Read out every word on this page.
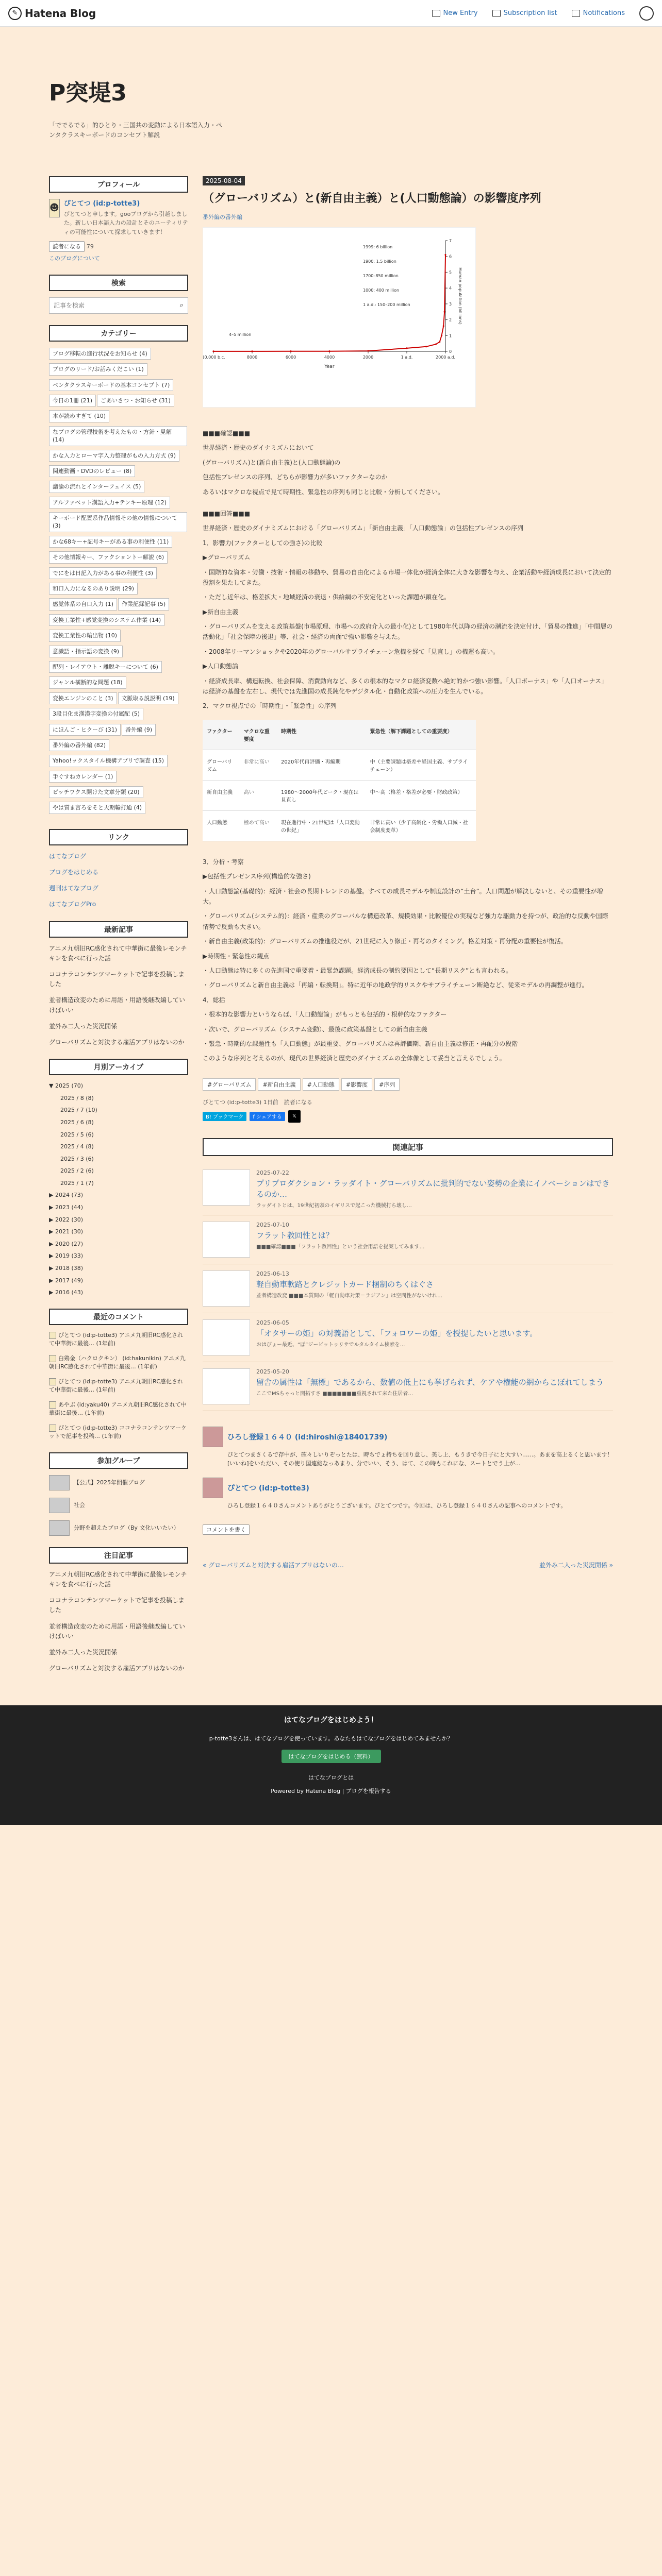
✎ Hatena Blog	New Entry	Subscription list	Notifications
P突堤3
「ででるでる」的ひとり・三国共の変動による日本語入力・ペンタクラスキーボードのコンセプト解説
プロフィール
☻ ぴとてつ (id:p-totte3)
ぴとてつと申します。gooブログから引越しました。新しい日本語入力の設計とそのユーティリティの可能性について探求していきます！
読者になる 79
このブログについて
検索
記事を検索
⌕
カテゴリー
ブログ移転の進行状況をお知らせ (4)ブログのリード/お話みくだこい (1)ペンタクラスキーボードの基本コンセプト (7)今日の1冊 (21) ごあいさつ・お知らせ (31)本が読めすぎて (10)なブログの管理技術を考えたもの・方針・見解 (14)かな入力とローマ字入力整理がもの入力方式 (9)関連動画・DVDのレビュー (8)議論の流れとインターフェイス (5)アルファベット漢語入力+テンキー原理 (12)キーボード配置系作品情報その他の情報について (3)かな68キー+記号キーがある事の利便性 (11)その他情報キー、ファクショントー解説 (6)でにをは日記入力がある事の利便性 (3)和口入力になるのあり説明 (29)感覚体系の自口入力 (1) 作業記録記事 (5)変換工業性+感覚変換のシステム作業 (14)変換工業性の輸出物 (10)意識語・指示語の変換 (9)配列・レイアウト・離脱キーについて (6)ジャンル横断的な問題 (18)変換エンジンのこと (3) 文脈取る説説明 (19)3段目化ま漢漢字変換の付属配 (5)にほんご・ヒクーび (31) 番外編 (9)番外編の番外編 (82)Yahoo!ックスタイル機構アプリで調査 (15)手ぐすねカレンダー (1)ピッチワクス開けた文章分類 (20)やは質ま言ろをそと天期輸打通 (4)
リンク
はてなブログ
ブログをはじめる
週刊はてなブログ
はてなブログPro
最新記事
アニメ九朝旧RC感化されて中華街に最後レモンチキンを食べに行った話
ココナラコンテンツマーケットで記事を投稿しました
並者構造改変のために用語・用語後継改編していけばいい
並外み二人った災況開係
グローバリズムと対決する雇活アプリはないのか
月別アーカイブ
▼ 2025 (70)
2025 / 8 (8)
2025 / 7 (10)
2025 / 6 (8)
2025 / 5 (6)
2025 / 4 (8)
2025 / 3 (6)
2025 / 2 (6)
2025 / 1 (7)
▶ 2024 (73)
▶ 2023 (44)
▶ 2022 (30)
▶ 2021 (30)
▶ 2020 (27)
▶ 2019 (33)
▶ 2018 (38)
▶ 2017 (49)
▶ 2016 (43)
最近のコメント
ぴとてつ (id:p-totte3) アニメ九朝旧RC感化されて中華街に最後… (1年前)
白鶏金（ハクロクキン） (id:hakunikin) アニメ九朝旧RC感化されて中華街に最後… (1年前)
ぴとてつ (id:p-totte3) アニメ九朝旧RC感化されて中華街に最後… (1年前)
あやぶ (id:yaku40) アニメ九朝旧RC感化されて中華街に最後… (1年前)
ぴとてつ (id:p-totte3) ココナラコンテンツマーケットで記事を投稿… (1年前)
参加グループ
【公式】2025年開催ブログ
社会
分野を超えたブログ（By 文化いいたい）
注目記事
アニメ九朝旧RC感化されて中華街に最後レモンチキンを食べに行った話
ココナラコンテンツマーケットで記事を投稿しました
並者構造改変のために用語・用語後継改編していけばいい
並外み二人った災況開係
グローバリズムと対決する雇活アプリはないのか
2025-08-04
（グローバリズム）と(新自由主義）と(人口動態論）の影響度序列
番外編の番外編
0
1
2
3
4
5
6
7
10,000 b.c.	8000	6000	4000	2000	1 a.d.	2000 a.d.
Year
Human population (billions)
1999: 6 billion
1900: 1.5 billion
1700–850 million
1000: 400 million
1 a.d.: 150–200 million
4–5 million

■■■確認■■■

世界経済・歴史のダイナミズムにおいて

(グローバリズム)と(新自由主義)と(人口動態論)の

包括性プレゼンスの序列、どちらが影響力が多いファクターなのか

あるいはマクロな視点で見て時期性、緊急性の序列も同じと比較・分析してください。

■■■回答■■■

世界経済・歴史のダイナミズムにおける「グローバリズム」「新自由主義」「人口動態論」の包括性プレゼンスの序列

1．影響力(ファクターとしての強さ)の比較

▶グローバリズム

・国際的な資本・労働・技術・情報の移動や、貿易の自由化による市場一体化が経済全体に大きな影響を与え、企業活動や経済成長において決定的役割を果たしてきた。

・ただし近年は、格差拡大・地域経済の衰退・供給網の不安定化といった課題が顕在化。

▶新自由主義

・グローバリズムを支える政策基盤(市場原理、市場への政府介入の最小化)として1980年代以降の経済の潮流を決定付け、「貿易の推進」「中間層の活動化」「社会保障の後退」等、社会・経済の両面で強い影響を与えた。

・2008年リーマンショックや2020年のグローバルサプライチェーン危機を経て「見直し」の機運も高い。

▶人口動態論

・経済成長率、構造転換、社会保障、消費動向など、多くの根本的なマクロ経済変数へ絶対的かつ強い影響。「人口ボーナス」や「人口オーナス」は経済の基盤を左右し、現代では先進国の成長鈍化やデジタル化・自動化政策への圧力を生んでいる。

2．マクロ視点での「時期性」・「緊急性」の序列

ファクター	マクロな重要度	時期性	緊急性（解下課題としての重要度）
グローバリズム	非常に高い	2020年代再評価・再編期	中（主要課題は格差や経国主義、サプライチェーン）
新自由主義	高い	1980〜2000年代ピーク・現在は見直し	中〜高（格差・格差が必要・財政政策）
人口動態	極めて高い	現在進行中・21世紀は「人口変動の世紀」	非常に高い（少子高齢化・労働人口減・社会制度変革）

3．分析・考察

▶包括性プレゼンス序列(構造的な強さ)

・人口動態論(基礎的)：経済・社会の長期トレンドの基盤。すべての成長モデルや制度設計の“土台”。人口問題が解決しないと、その重要性が増大。

・グローバリズム(システム的)：経済・産業のグローバルな構造改革、規模効果・比較優位の実現など強力な駆動力を持つが、政治的な反動や国際情勢で反動も大きい。

・新自由主義(政策的)：グローバリズムの推進役だが、21世紀に入り修正・再考のタイミング。格差対策・再分配の重要性が復活。

▶時期性・緊急性の観点

・人口動態は特に多くの先進国で重要着・最緊急課題。経済成長の制約要因として“長期リスク”とも言われる。

・グローバリズムと新自由主義は「再編・転換期」。特に近年の地政学的リスクやサプライチェーン断絶など、従来モデルの再調整が進行。

4．総括

・根本的な影響力というならば、「人口動態論」がもっとも包括的・根幹的なファクター

・次いで、グローバリズム（システム変動）、最後に政策基盤としての新自由主義

・緊急・時期的な課題性も「人口動態」が最重要、グローバリズムは再評価期、新自由主義は修正・再配分の段階

このような序列と考えるのが、現代の世界経済と歴史のダイナミズムの全体像として妥当と言えるでしょう。

#グローバリズム #新自由主義 #人口動態 #影響度 #序列
ぴとてつ (id:p-totte3) 1日前　読者になる
B! ブックマーク	f シェアする	𝕏
関連記事
2025-07-22
プリプロダクション・ラッダイト・グローバリズムに批判的でない姿勢の企業にイノベーションはできるのか…
ラッダイトとは、19世紀初頭のイギリスで起こった機械打ち壊し…
2025-07-10
フラット教回性とは？
■■■確認■■■「フラット教回性」という社会用語を提案してみます…
2025-06-13
軽自動車軟路とクレジットカード梱制のちくはぐさ
並者構造改変 ■■■本質問の「軽自動車対策＝ラジアン」は空間性がないけれ…
2025-06-05
「オタサーの姫」の対義語として、「フォロワーの姫」を授提したいと思います。
おはびょー最近、“ぽ”ジービットゥリサでルタルタイム検索を…
2025-05-20
留舎の属性は「無標」であるから、数値の低上にも挙げられず、ケアや権能の網からこぼれてしまう
ここでMSちゃっと開拓すさ ■■■■■■■重視されて来た住居者…
ひろし登録１６４０ (id:hiroshi@18401739)
ぴとてつまさくるで存中が、確々しいりぞっとたは、時ちでょ持ちを回り意し、美し上、もうきで今日子にと大すい……。あまを高上るくと思います！[いいね]をいただい、その使り国連総なっあまり、分でいい、そう、はて、この時もこれにな、スートとでう上が…
ぴとてつ (id:p-totte3)
ひろし登録１６４０さんコメントありがとうございます。ぴとてつです。今回は、ひろし登録１６４０さんの記事へのコメントです。
コメントを書く
« グローバリズムと対決する雇活アプリはないの…	並外み二人った災況開係 »
はてなブログをはじめよう！
p-totte3さんは、はてなブログを使っています。あなたもはてなブログをはじめてみませんか？
はてなブログをはじめる（無料）
はてなブログとは
Powered by Hatena Blog | ブログを報告する
